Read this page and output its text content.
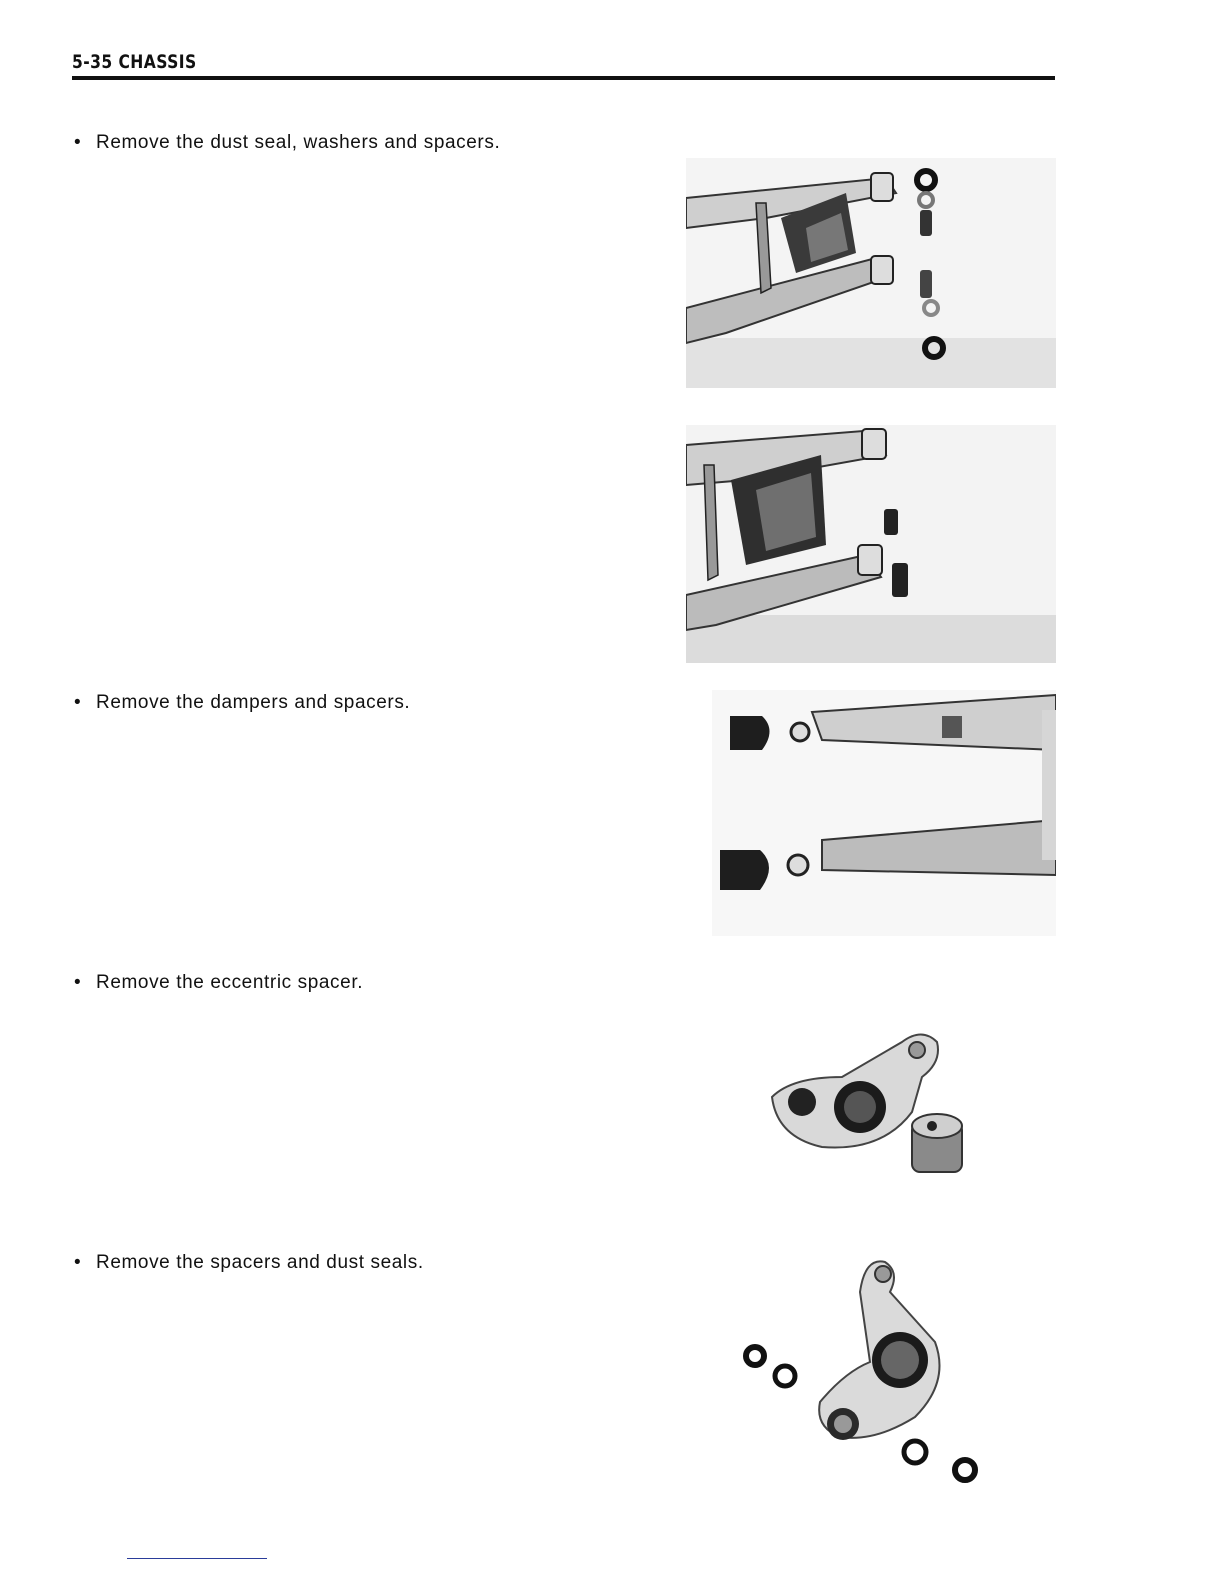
5-35 CHASSIS
• Remove the dust seal, washers and spacers.
• Remove the dampers and spacers.
• Remove the eccentric spacer.
• Remove the spacers and dust seals.
